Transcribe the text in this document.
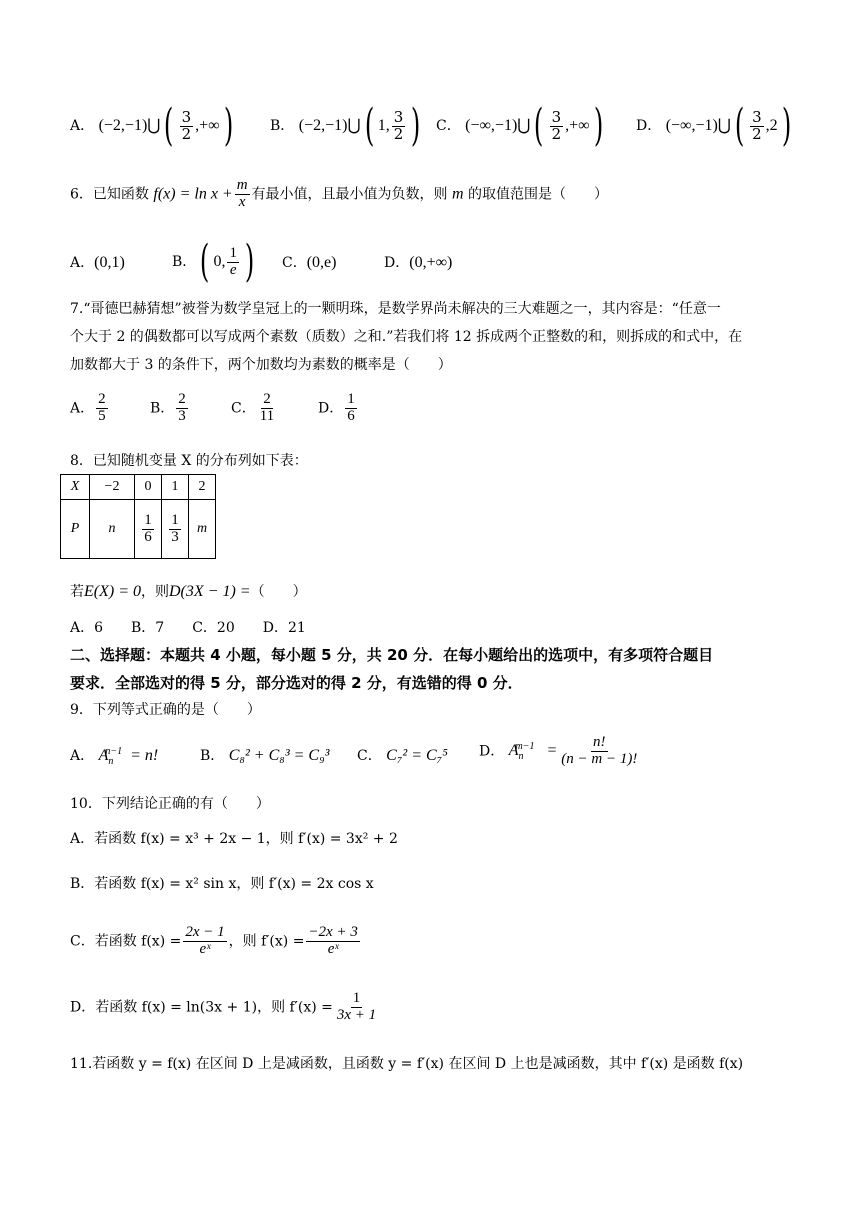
A． (−2,−1)⋃( $\frac{3}{2}$ ,+∞)	B． (−2,−1)⋃( 1, $\frac{3}{2}$ ) C． (−∞,−1)⋃( $\frac{3}{2}$ ,+∞) D． (−∞,−1)⋃( $\frac{3}{2} ,2$)
6．已知函数 $f(x) = \ln x + \frac{m}{x}$ 有最小值，且最小值为负数，则 m 的取值范围是（　　）
A．(0,1)	B．( 0, $\frac{1}{e}$ ) C．(0,e)	D．(0,+∞)
7.“哥德巴赫猜想”被誉为数学皇冠上的一颗明珠，是数学界尚未解决的三大难题之一，其内容是：“任意一
个大于 2 的偶数都可以写成两个素数（质数）之和.”若我们将 12 拆成两个正整数的和，则拆成的和式中，在
加数都大于 3 的条件下，两个加数均为素数的概率是（　　）
A． $\frac{2}{5}$	B． $\frac{2}{3}$	C． $\frac{2}{11}$	D． $\frac{1}{6}$
8．已知随机变量 X 的分布列如下表：
X	−2	0	1	2
P	n	$\frac{1}{6}$	$\frac{1}{3}$	m
若E(X) = 0，则D(3X − 1) =（　　）
A．6　　B．7　　C．20　　D．21
二、选择题：本题共 4 小题，每小题 5 分，共 20 分．在每小题给出的选项中，有多项符合题目
要求．全部选对的得 5 分，部分选对的得 2 分，有选错的得 0 分．
9．下列等式正确的是（　　）
A． $A_n^{n-1} = n$!	B． C₈² + C₈³ = C₉³ C． C₇² = C₇⁵ D． $A_n^{m-1} = \frac{n!}{(n - m - 1)!}$
10．下列结论正确的有（　　）
A．若函数 f(x) = x³ + 2x − 1，则 f′(x) = 3x² + 2
B．若函数 f(x) = x² sin x，则 f′(x) = 2x cos x
C．若函数 $f(x) = \frac{2x - 1}{\text{eˣ}}$ ，则 $f'(x) = \frac{-2x + 3}{\text{eˣ}}$
D．若函数 f(x) = ln(3x + 1)，则 $f'(x) = \frac{1}{3x + 1}$
11.若函数 y = f(x) 在区间 D 上是减函数，且函数 y = f′(x) 在区间 D 上也是减函数，其中 f′(x) 是函数 f(x)
